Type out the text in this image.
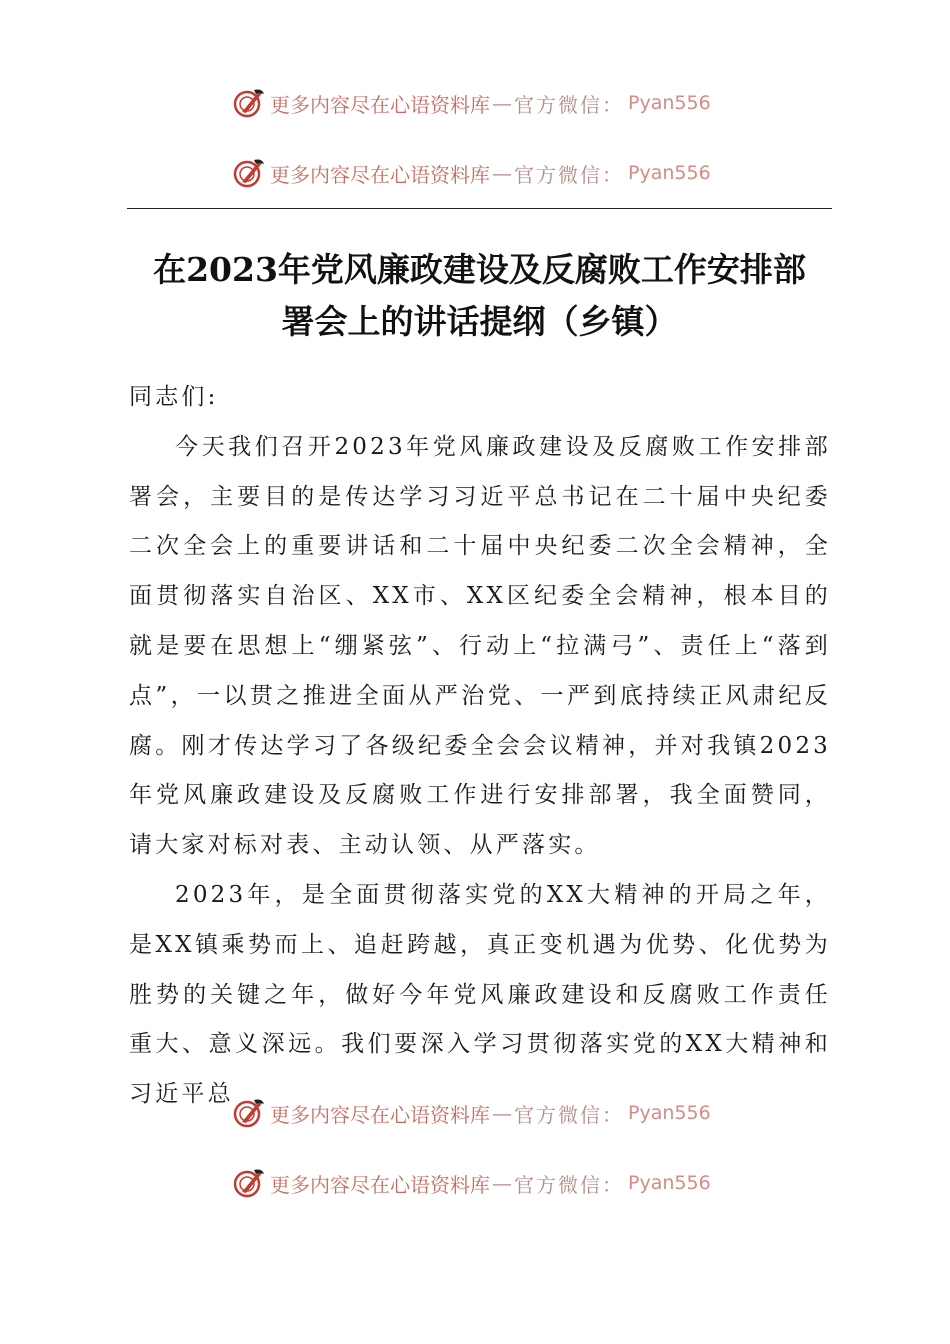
更多内容尽在心语资料库 — 官方微信： Pyan556
更多内容尽在心语资料库 — 官方微信： Pyan556
在2023年党风廉政建设及反腐败工作安排部
署会上的讲话提纲（乡镇）

同志们:

今天我们召开2023年党风廉政建设及反腐败工作安排部署会，主要目的是传达学习习近平总书记在二十届中央纪委二次全会上的重要讲话和二十届中央纪委二次全会精神，全面贯彻落实自治区、XX市、XX区纪委全会精神，根本目的就是要在思想上“绷紧弦”、行动上“拉满弓”、责任上“落到点”，一以贯之推进全面从严治党、一严到底持续正风肃纪反腐。刚才传达学习了各级纪委全会会议精神，并对我镇2023年党风廉政建设及反腐败工作进行安排部署，我全面赞同，请大家对标对表、主动认领、从严落实。

2023年，是全面贯彻落实党的XX大精神的开局之年，是XX镇乘势而上、追赶跨越，真正变机遇为优势、化优势为胜势的关键之年，做好今年党风廉政建设和反腐败工作责任重大、意义深远。我们要深入学习贯彻落实党的XX大精神和习近平总

更多内容尽在心语资料库 — 官方微信： Pyan556
更多内容尽在心语资料库 — 官方微信： Pyan556
